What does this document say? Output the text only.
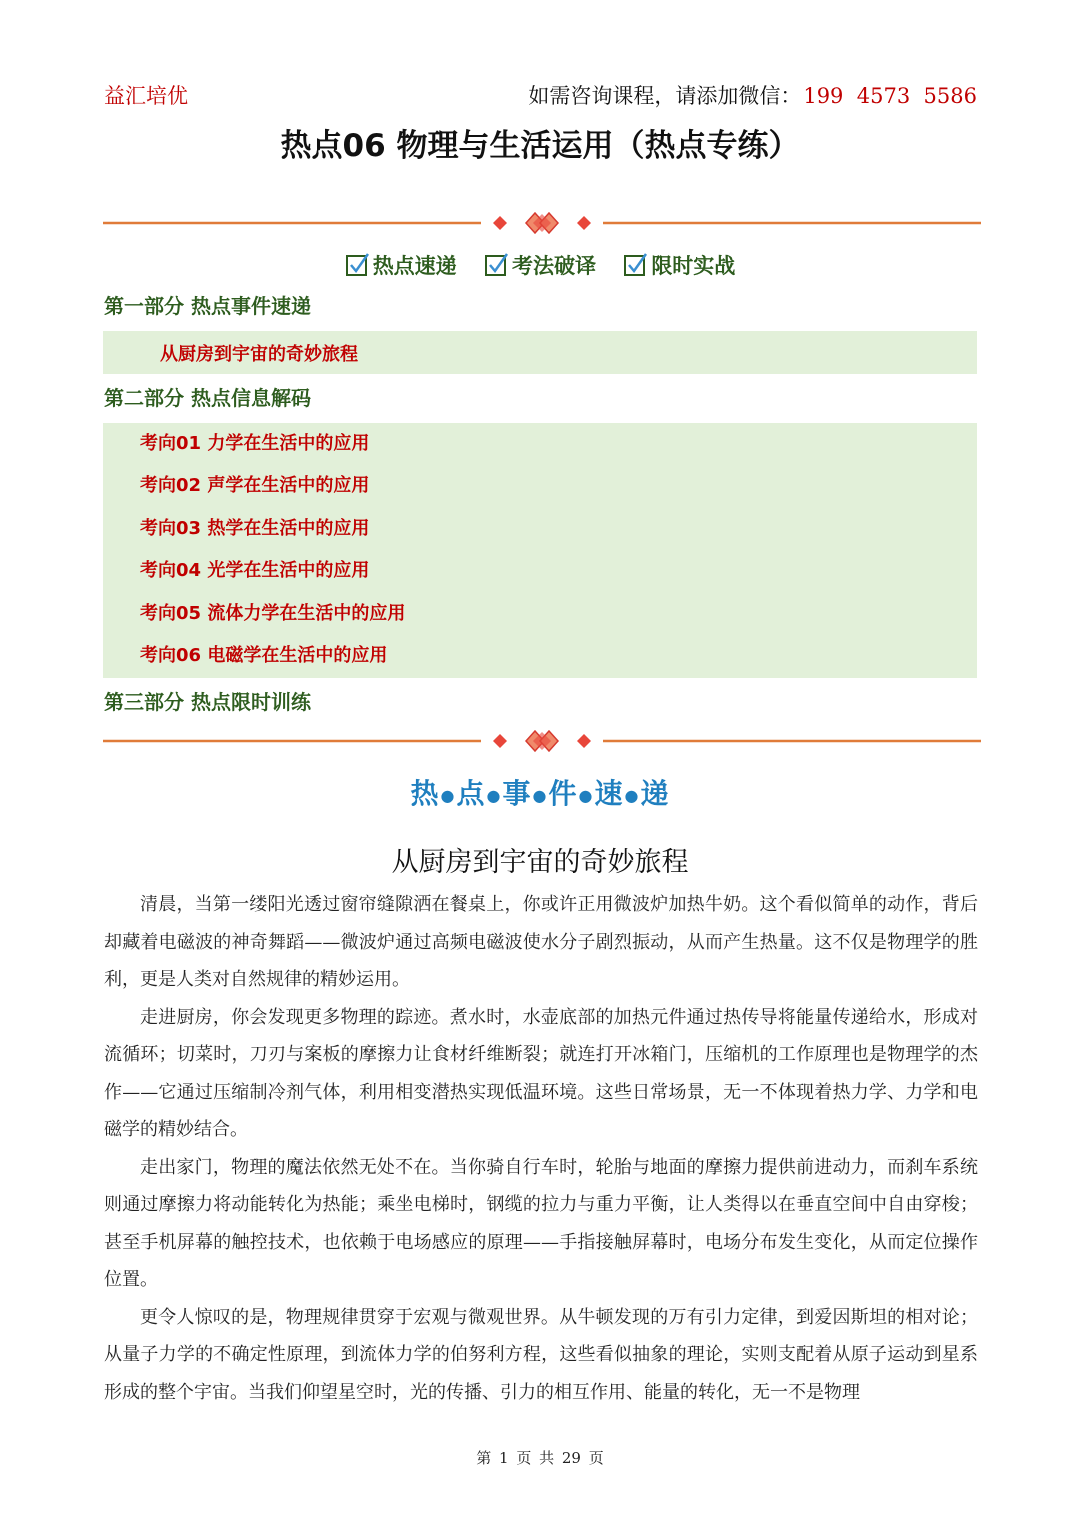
益汇培优	如需咨询课程，请添加微信：199  4573  5586
热点06 物理与生活运用（热点专练）
热点速递
	考法破译
	限时实战
第一部分 热点事件速递
从厨房到宇宙的奇妙旅程
第二部分 热点信息解码
考向01 力学在生活中的应用
考向02 声学在生活中的应用
考向03 热学在生活中的应用
考向04 光学在生活中的应用
考向05 流体力学在生活中的应用
考向06 电磁学在生活中的应用
第三部分 热点限时训练
热●点●事●件●速●递
从厨房到宇宙的奇妙旅程

清晨，当第一缕阳光透过窗帘缝隙洒在餐桌上，你或许正用微波炉加热牛奶。这个看似简单的动作，背后却藏着电磁波的神奇舞蹈——微波炉通过高频电磁波使水分子剧烈振动，从而产生热量。这不仅是物理学的胜利，更是人类对自然规律的精妙运用。

走进厨房，你会发现更多物理的踪迹。煮水时，水壶底部的加热元件通过热传导将能量传递给水，形成对流循环；切菜时，刀刃与案板的摩擦力让食材纤维断裂；就连打开冰箱门，压缩机的工作原理也是物理学的杰作——它通过压缩制冷剂气体，利用相变潜热实现低温环境。这些日常场景，无一不体现着热力学、力学和电磁学的精妙结合。

走出家门，物理的魔法依然无处不在。当你骑自行车时，轮胎与地面的摩擦力提供前进动力，而刹车系统则通过摩擦力将动能转化为热能；乘坐电梯时，钢缆的拉力与重力平衡，让人类得以在垂直空间中自由穿梭；甚至手机屏幕的触控技术，也依赖于电场感应的原理——手指接触屏幕时，电场分布发生变化，从而定位操作位置。

更令人惊叹的是，物理规律贯穿于宏观与微观世界。从牛顿发现的万有引力定律，到爱因斯坦的相对论；从量子力学的不确定性原理，到流体力学的伯努利方程，这些看似抽象的理论，实则支配着从原子运动到星系形成的整个宇宙。当我们仰望星空时，光的传播、引力的相互作用、能量的转化，无一不是物理

第 1 页 共 29 页
